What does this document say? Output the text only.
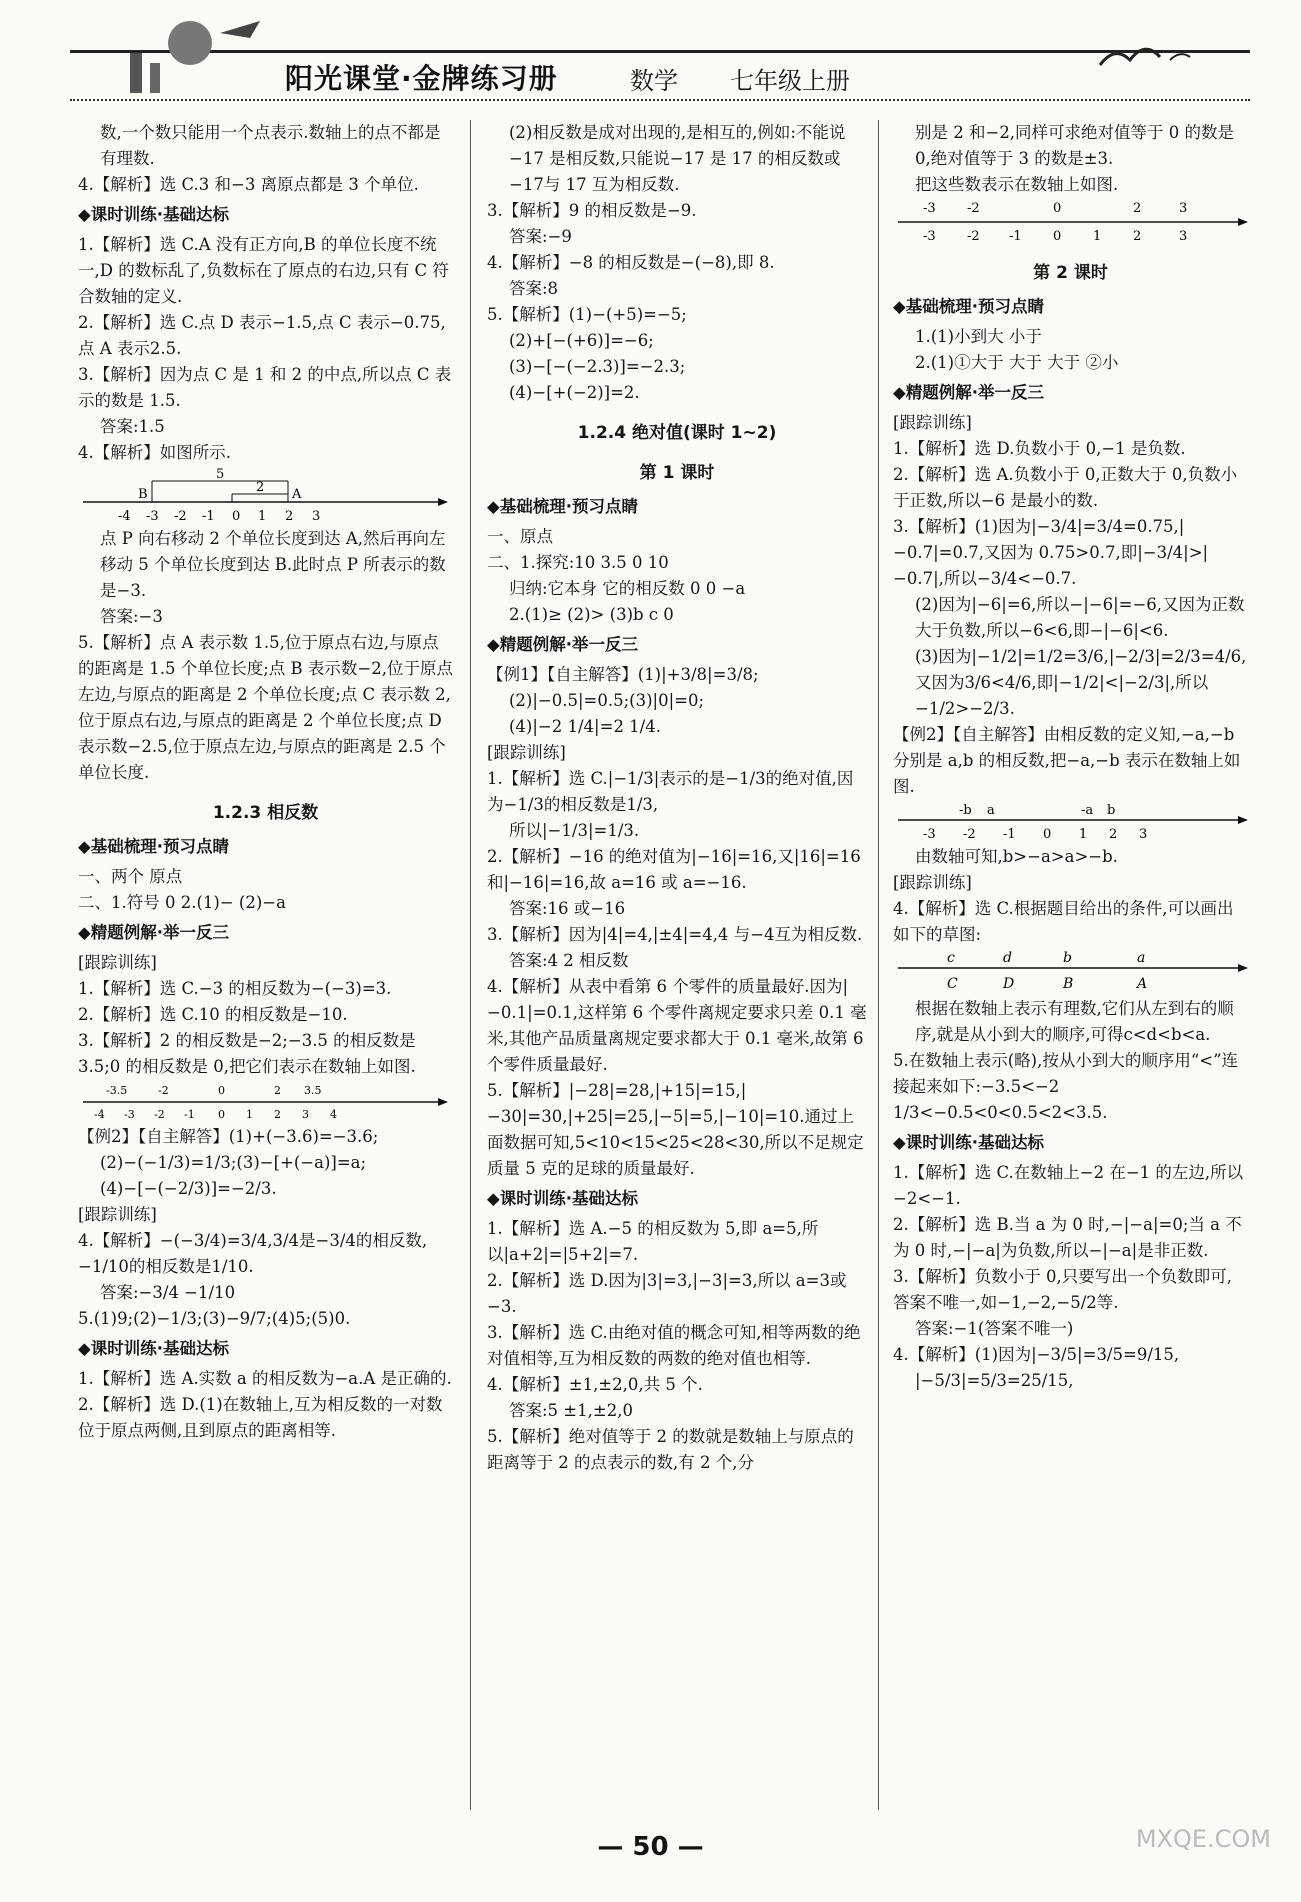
阳光课堂·金牌练习册	数学 七年级上册

数,一个数只能用一个点表示.数轴上的点不都是有理数.

4.【解析】选 C.3 和−3 离原点都是 3 个单位.

◆课时训练·基础达标

1.【解析】选 C.A 没有正方向,B 的单位长度不统一,D 的数标乱了,负数标在了原点的右边,只有 C 符合数轴的定义.

2.【解析】选 C.点 D 表示−1.5,点 C 表示−0.75,点 A 表示2.5.

3.【解析】因为点 C 是 1 和 2 的中点,所以点 C 表示的数是 1.5.

答案:1.5

4.【解析】如图所示.

B
5
2 A
-4 -3 -2 -1 0 1 2 3

点 P 向右移动 2 个单位长度到达 A,然后再向左移动 5 个单位长度到达 B.此时点 P 所表示的数是−3.

答案:−3

5.【解析】点 A 表示数 1.5,位于原点右边,与原点的距离是 1.5 个单位长度;点 B 表示数−2,位于原点左边,与原点的距离是 2 个单位长度;点 C 表示数 2,位于原点右边,与原点的距离是 2 个单位长度;点 D 表示数−2.5,位于原点左边,与原点的距离是 2.5 个单位长度.

1.2.3 相反数

◆基础梳理·预习点睛

一、两个 原点

二、1.符号 0 2.(1)− (2)−a

◆精题例解·举一反三

[跟踪训练]

1.【解析】选 C.−3 的相反数为−(−3)=3.

2.【解析】选 C.10 的相反数是−10.

3.【解析】2 的相反数是−2;−3.5 的相反数是 3.5;0 的相反数是 0,把它们表示在数轴上如图.

-3.5	-2	0	2 3.5
-4 -3 -2 -1 0 1 2 3 4

【例2】【自主解答】(1)+(−3.6)=−3.6;

(2)−(−1/3)=1/3;(3)−[+(−a)]=a;

(4)−[−(−2/3)]=−2/3.

[跟踪训练]

4.【解析】−(−3/4)=3/4,3/4是−3/4的相反数,−1/10的相反数是1/10.

答案:−3/4 −1/10

5.(1)9;(2)−1/3;(3)−9/7;(4)5;(5)0.

◆课时训练·基础达标

1.【解析】选 A.实数 a 的相反数为−a.A 是正确的.

2.【解析】选 D.(1)在数轴上,互为相反数的一对数位于原点两侧,且到原点的距离相等.

(2)相反数是成对出现的,是相互的,例如:不能说−17 是相反数,只能说−17 是 17 的相反数或−17与 17 互为相反数.

3.【解析】9 的相反数是−9.

答案:−9

4.【解析】−8 的相反数是−(−8),即 8.

答案:8

5.【解析】(1)−(+5)=−5;

(2)+[−(+6)]=−6;

(3)−[−(−2.3)]=−2.3;

(4)−[+(−2)]=2.

1.2.4 绝对值(课时 1~2)

第 1 课时

◆基础梳理·预习点睛

一、原点

二、1.探究:10 3.5 0 10

归纳:它本身 它的相反数 0 0 −a

2.(1)≥ (2)> (3)b c 0

◆精题例解·举一反三

【例1】【自主解答】(1)|+3/8|=3/8;

(2)|−0.5|=0.5;(3)|0|=0;

(4)|−2 1/4|=2 1/4.

[跟踪训练]

1.【解析】选 C.|−1/3|表示的是−1/3的绝对值,因为−1/3的相反数是1/3,

所以|−1/3|=1/3.

2.【解析】−16 的绝对值为|−16|=16,又|16|=16 和|−16|=16,故 a=16 或 a=−16.

答案:16 或−16

3.【解析】因为|4|=4,|±4|=4,4 与−4互为相反数.

答案:4 2 相反数

4.【解析】从表中看第 6 个零件的质量最好.因为|−0.1|=0.1,这样第 6 个零件离规定要求只差 0.1 毫米,其他产品质量离规定要求都大于 0.1 毫米,故第 6 个零件质量最好.

5.【解析】|−28|=28,|+15|=15,|−30|=30,|+25|=25,|−5|=5,|−10|=10.通过上面数据可知,5<10<15<25<28<30,所以不足规定质量 5 克的足球的质量最好.

◆课时训练·基础达标

1.【解析】选 A.−5 的相反数为 5,即 a=5,所以|a+2|=|5+2|=7.

2.【解析】选 D.因为|3|=3,|−3|=3,所以 a=3或−3.

3.【解析】选 C.由绝对值的概念可知,相等两数的绝对值相等,互为相反数的两数的绝对值也相等.

4.【解析】±1,±2,0,共 5 个.

答案:5 ±1,±2,0

5.【解析】绝对值等于 2 的数就是数轴上与原点的距离等于 2 的点表示的数,有 2 个,分

别是 2 和−2,同样可求绝对值等于 0 的数是 0,绝对值等于 3 的数是±3.

把这些数表示在数轴上如图.

-3 -2	0	2	3
-3 -2 -1 0 1 2	3

第 2 课时

◆基础梳理·预习点睛

1.(1)小到大 小于

2.(1)①大于 大于 大于 ②小

◆精题例解·举一反三

[跟踪训练]

1.【解析】选 D.负数小于 0,−1 是负数.

2.【解析】选 A.负数小于 0,正数大于 0,负数小于正数,所以−6 是最小的数.

3.【解析】(1)因为|−3/4|=3/4=0.75,|−0.7|=0.7,又因为 0.75>0.7,即|−3/4|>|−0.7|,所以−3/4<−0.7.

(2)因为|−6|=6,所以−|−6|=−6,又因为正数大于负数,所以−6<6,即−|−6|<6.

(3)因为|−1/2|=1/2=3/6,|−2/3|=2/3=4/6,又因为3/6<4/6,即|−1/2|<|−2/3|,所以−1/2>−2/3.

【例2】【自主解答】由相反数的定义知,−a,−b 分别是 a,b 的相反数,把−a,−b 表示在数轴上如图.

-b a	-a b
-3 -2 -1 0 1 2 3

由数轴可知,b>−a>a>−b.

[跟踪训练]

4.【解析】选 C.根据题目给出的条件,可以画出如下的草图:

c	d	b	a
C	D	B	A

根据在数轴上表示有理数,它们从左到右的顺序,就是从小到大的顺序,可得c<d<b<a.

5.在数轴上表示(略),按从小到大的顺序用“<”连接起来如下:−3.5<−2 1/3<−0.5<0<0.5<2<3.5.

◆课时训练·基础达标

1.【解析】选 C.在数轴上−2 在−1 的左边,所以−2<−1.

2.【解析】选 B.当 a 为 0 时,−|−a|=0;当 a 不为 0 时,−|−a|为负数,所以−|−a|是非正数.

3.【解析】负数小于 0,只要写出一个负数即可,答案不唯一,如−1,−2,−5/2等.

答案:−1(答案不唯一)

4.【解析】(1)因为|−3/5|=3/5=9/15,

|−5/3|=5/3=25/15,

— 50 —	MXQE.COM
